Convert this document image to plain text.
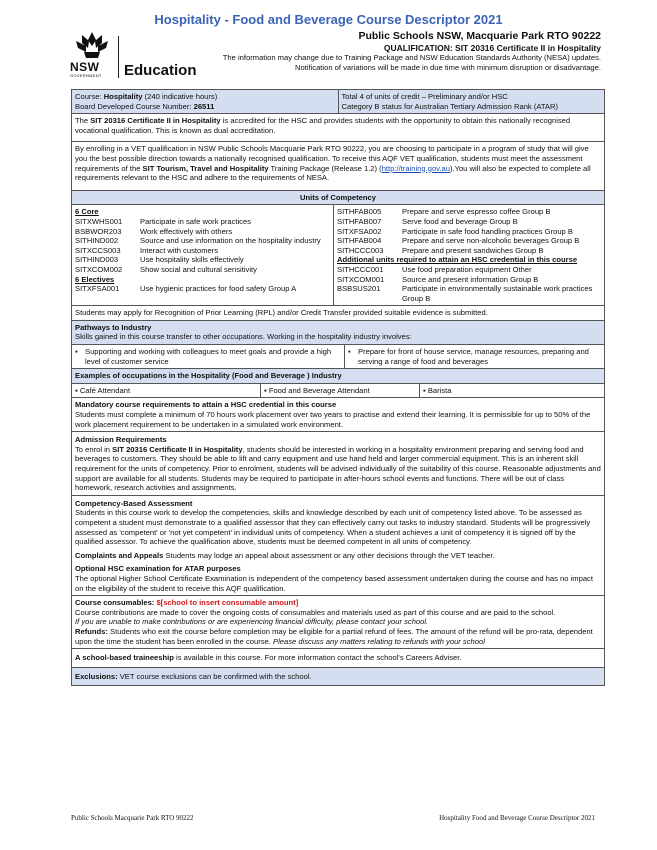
Hospitality - Food and Beverage Course Descriptor 2021
NSW
GOVERNMENT Education
Public Schools NSW, Macquarie Park RTO 90222
QUALIFICATION: SIT 20316 Certificate II in Hospitality
The information may change due to Training Package and NSW Education Standards Authority (NESA) updates.
Notification of variations will be made in due time with minimum disruption or disadvantage.
Course: Hospitality (240 indicative hours)
Board Developed Course Number: 26511

Total 4 of units of credit – Preliminary and/or HSC
Category B status for Australian Tertiary Admission Rank (ATAR)
The SIT 20316 Certificate II in Hospitality is accredited for the HSC and provides students with the opportunity to obtain this nationally recognised vocational qualification. This is known as dual accreditation.
By enrolling in a VET qualification in NSW Public Schools Macquarie Park RTO 90222, you are choosing to participate in a program of study that will give you the best possible direction towards a nationally recognised qualification. To receive this AQF VET qualification, students must meet the assessment requirements of the SIT Tourism, Travel and Hospitality Training Package (Release 1.2) (http://training.gov.au).You will also be expected to complete all requirements relevant to the HSC and adhere to the requirements of NESA.
Units of Competency
6 Core
SITXWHS001	Participate in safe work practices
BSBWOR203	Work effectively with others
SITHIND002	Source and use information on the hospitality industry
SITXCCS003	Interact with customers
SITHIND003	Use hospitality skills effectively
SITXCOM002	Show social and cultural sensitivity
6 Electives
SITXFSA001	Use hygienic practices for food safety Group A
SITHFAB005	Prepare and serve espresso coffee Group B
SITHFAB007	Serve food and beverage Group B
SITXFSA002	Participate in safe food handling practices Group B
SITHFAB004	Prepare and serve non-alcoholic beverages Group B
SITHCCC003	Prepare and present sandwiches Group B
Additional units required to attain an HSC credential in this course
SITHCCC001	Use food preparation equipment Other
SITXCOM001	Source and present information Group B
BSBSUS201	Participate in environmentally sustainable work practices Group B
Students may apply for Recognition of Prior Learning (RPL) and/or Credit Transfer provided suitable evidence is submitted.
Pathways to Industry
Skills gained in this course transfer to other occupations. Working in the hospitality industry involves:
▪ Supporting and working with colleagues to meet goals and provide a high level of customer service
▪ Prepare for front of house service, manage resources, preparing and serving a range of food and beverages
Examples of occupations in the Hospitality (Food and Beverage ) Industry
▪ Café Attendant	▪ Food and Beverage Attendant	▪ Barista
Mandatory course requirements to attain a HSC credential in this course
Students must complete a minimum of 70 hours work placement over two years to practise and extend their learning. It is permissible for up to 50% of the work placement requirement to be undertaken in a simulated work environment.
Admission Requirements
To enrol in SIT 20316 Certificate II in Hospitality, students should be interested in working in a hospitality environment preparing and serving food and beverages to customers. They should be able to lift and carry equipment and use hand held and larger commercial equipment. This is an inherent skill requirement for the units of competency. Prior to enrolment, students will be advised individually of the suitability of this course. Reasonable adjustments and support are available for all students. Students may be required to participate in after-hours school events and functions. There will be out of class homework, research activities and assignments.
Competency-Based Assessment
Students in this course work to develop the competencies, skills and knowledge described by each unit of competency listed above. To be assessed as competent a student must demonstrate to a qualified assessor that they can effectively carry out tasks to industry standard. Students will be progressively assessed as 'competent' or 'not yet competent' in individual units of competency. When a student achieves a unit of competency it is signed off by the qualified assessor. To achieve the qualification above, students must be deemed competent in all units of competency.
Complaints and Appeals Students may lodge an appeal about assessment or any other decisions through the VET teacher.
Optional HSC examination for ATAR purposes
The optional Higher School Certificate Examination is independent of the competency based assessment undertaken during the course and has no impact on the eligibility of the student to receive this AQF qualification.
Course consumables: $[school to insert consumable amount]
Course contributions are made to cover the ongoing costs of consumables and materials used as part of this course and are paid to the school.
If you are unable to make contributions or are experiencing financial difficulty, please contact your school.
Refunds: Students who exit the course before completion may be eligible for a partial refund of fees. The amount of the refund will be pro-rata, dependent upon the time the student has been enrolled in the course. Please discuss any matters relating to refunds with your school
A school-based traineeship is available in this course. For more information contact the school's Careers Adviser.
Exclusions: VET course exclusions can be confirmed with the school.
Public Schools Macquarie Park RTO 90222	Hospitality Food and Beverage Course Descriptor 2021
